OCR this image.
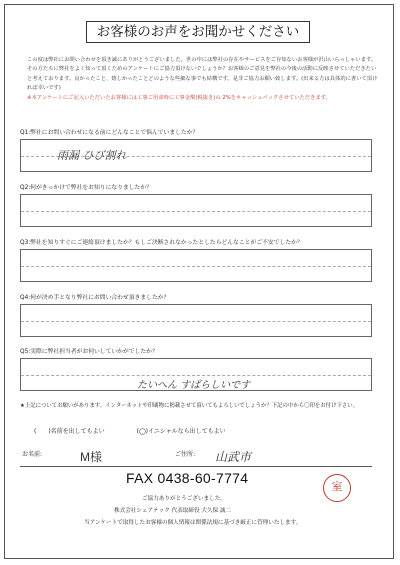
お客様のお声をお聞かせください
この度は弊社にお問い合わせを頂き誠にありがとうございました。世の中には弊社の存在やサービスをご存知ないお客様が沢山いらっしゃいます。その方たちに弊社をよく知って頂くためのアンケートにご協力頂けないでしょうか？お客様のご意見を弊社の今後の活動に反映させていただきたいと考えております。良かったこと、嬉しかったことどのような些細な事でも結構です。是非ご協力お願い致します。(出来る方は具体的に書いて頂ければ幸いです)
※本アンケートにご記入いただいたお客様には工事ご用命時に工事金額(税抜き)の 2%をキャッシュバックさせていただきます。
Q1:弊社にお問い合わせになる前にどんなことで悩んでいましたか？
雨漏 ひび割れ
Q2:何がきっかけで弊社をお知りになりましたか？
Q3:弊社を知りすぐにご連絡頂けましたか？もしご決断されなかったとしたらどんなことがご不安でしたか？
Q4:何が決め手となり弊社にお問い合わせ頂きましたか？
Q5:実際に弊社担当者がお伺いしていかがでしたか？
たいへん すばらしいです
★上記についてお願いがあります。インターネットや印刷物に掲載させて頂いてもよろしいでしょうか？下記の中から〇印をお付け下さい。
(　　)名前を出してもよい	(◯)イニシャルなら出してもよい
お名前:	M様	ご住所: 山武市
FAX 0438-60-7774
室
ご協力ありがとうございました。
株式会社シェアテック 代表取締役 大久保 誠二
当アンケートで取得したお客様の個人情報は関係法規に基づき厳正に管理いたします。
